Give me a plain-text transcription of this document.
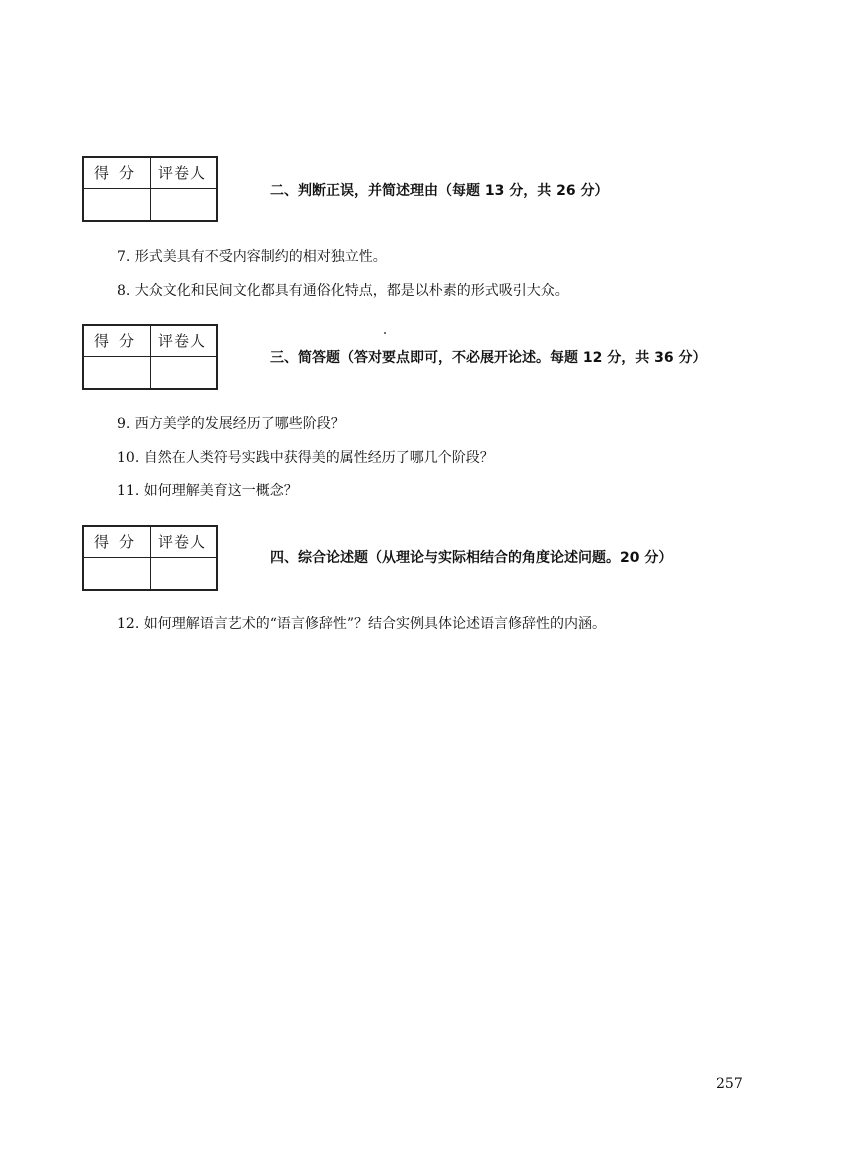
得分 评卷人
二、判断正误，并简述理由（每题 13 分，共 26 分）
7. 形式美具有不受内容制约的相对独立性。
8. 大众文化和民间文化都具有通俗化特点，都是以朴素的形式吸引大众。
得分 评卷人
三、简答题（答对要点即可，不必展开论述。每题 12 分，共 36 分）
9. 西方美学的发展经历了哪些阶段？
10. 自然在人类符号实践中获得美的属性经历了哪几个阶段？
11. 如何理解美育这一概念？
得分 评卷人
四、综合论述题（从理论与实际相结合的角度论述问题。20 分）
12. 如何理解语言艺术的“语言修辞性”？结合实例具体论述语言修辞性的内涵。
257
